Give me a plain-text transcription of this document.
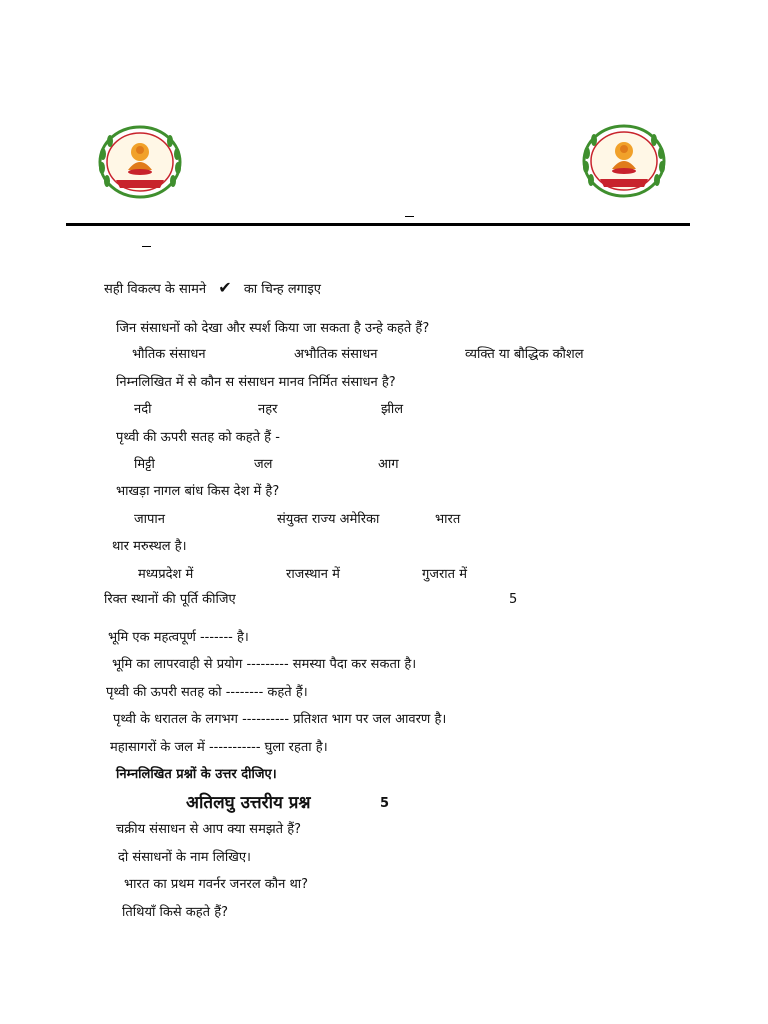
सही विकल्प के सामने ✔ का चिन्ह लगाइए
जिन संसाधनों को देखा और स्पर्श किया जा सकता है उन्हे कहते हैं?
भौतिक संसाधन	अभौतिक संसाधन	व्यक्ति या बौद्धिक कौशल
निम्नलिखित में से कौन स संसाधन मानव निर्मित संसाधन है?
नदी	नहर	झील
पृथ्वी की ऊपरी सतह को कहते हैं -
मिट्टी	जल	आग
भाखड़ा नागल बांध किस देश में है?
जापान	संयुक्त राज्य अमेरिका	भारत
थार मरुस्थल है।
मध्यप्रदेश में	राजस्थान में	गुजरात में
रिक्त स्थानों की पूर्ति कीजिए	5
भूमि एक महत्वपूर्ण ------- है।
भूमि का लापरवाही से प्रयोग --------- समस्या पैदा कर सकता है।
पृथ्वी की ऊपरी सतह को -------- कहते हैं।
पृथ्वी के धरातल के लगभग ---------- प्रतिशत भाग पर जल आवरण है।
महासागरों के जल में ----------- घुला रहता है।
निम्नलिखित प्रश्नों के उत्तर दीजिए।
अतिलघु उत्तरीय प्रश्न	5
चक्रीय संसाधन से आप क्या समझते हैं?
दो संसाधनों के नाम लिखिए।
भारत का प्रथम गवर्नर जनरल कौन था?
तिथियाँ किसे कहते हैं?
